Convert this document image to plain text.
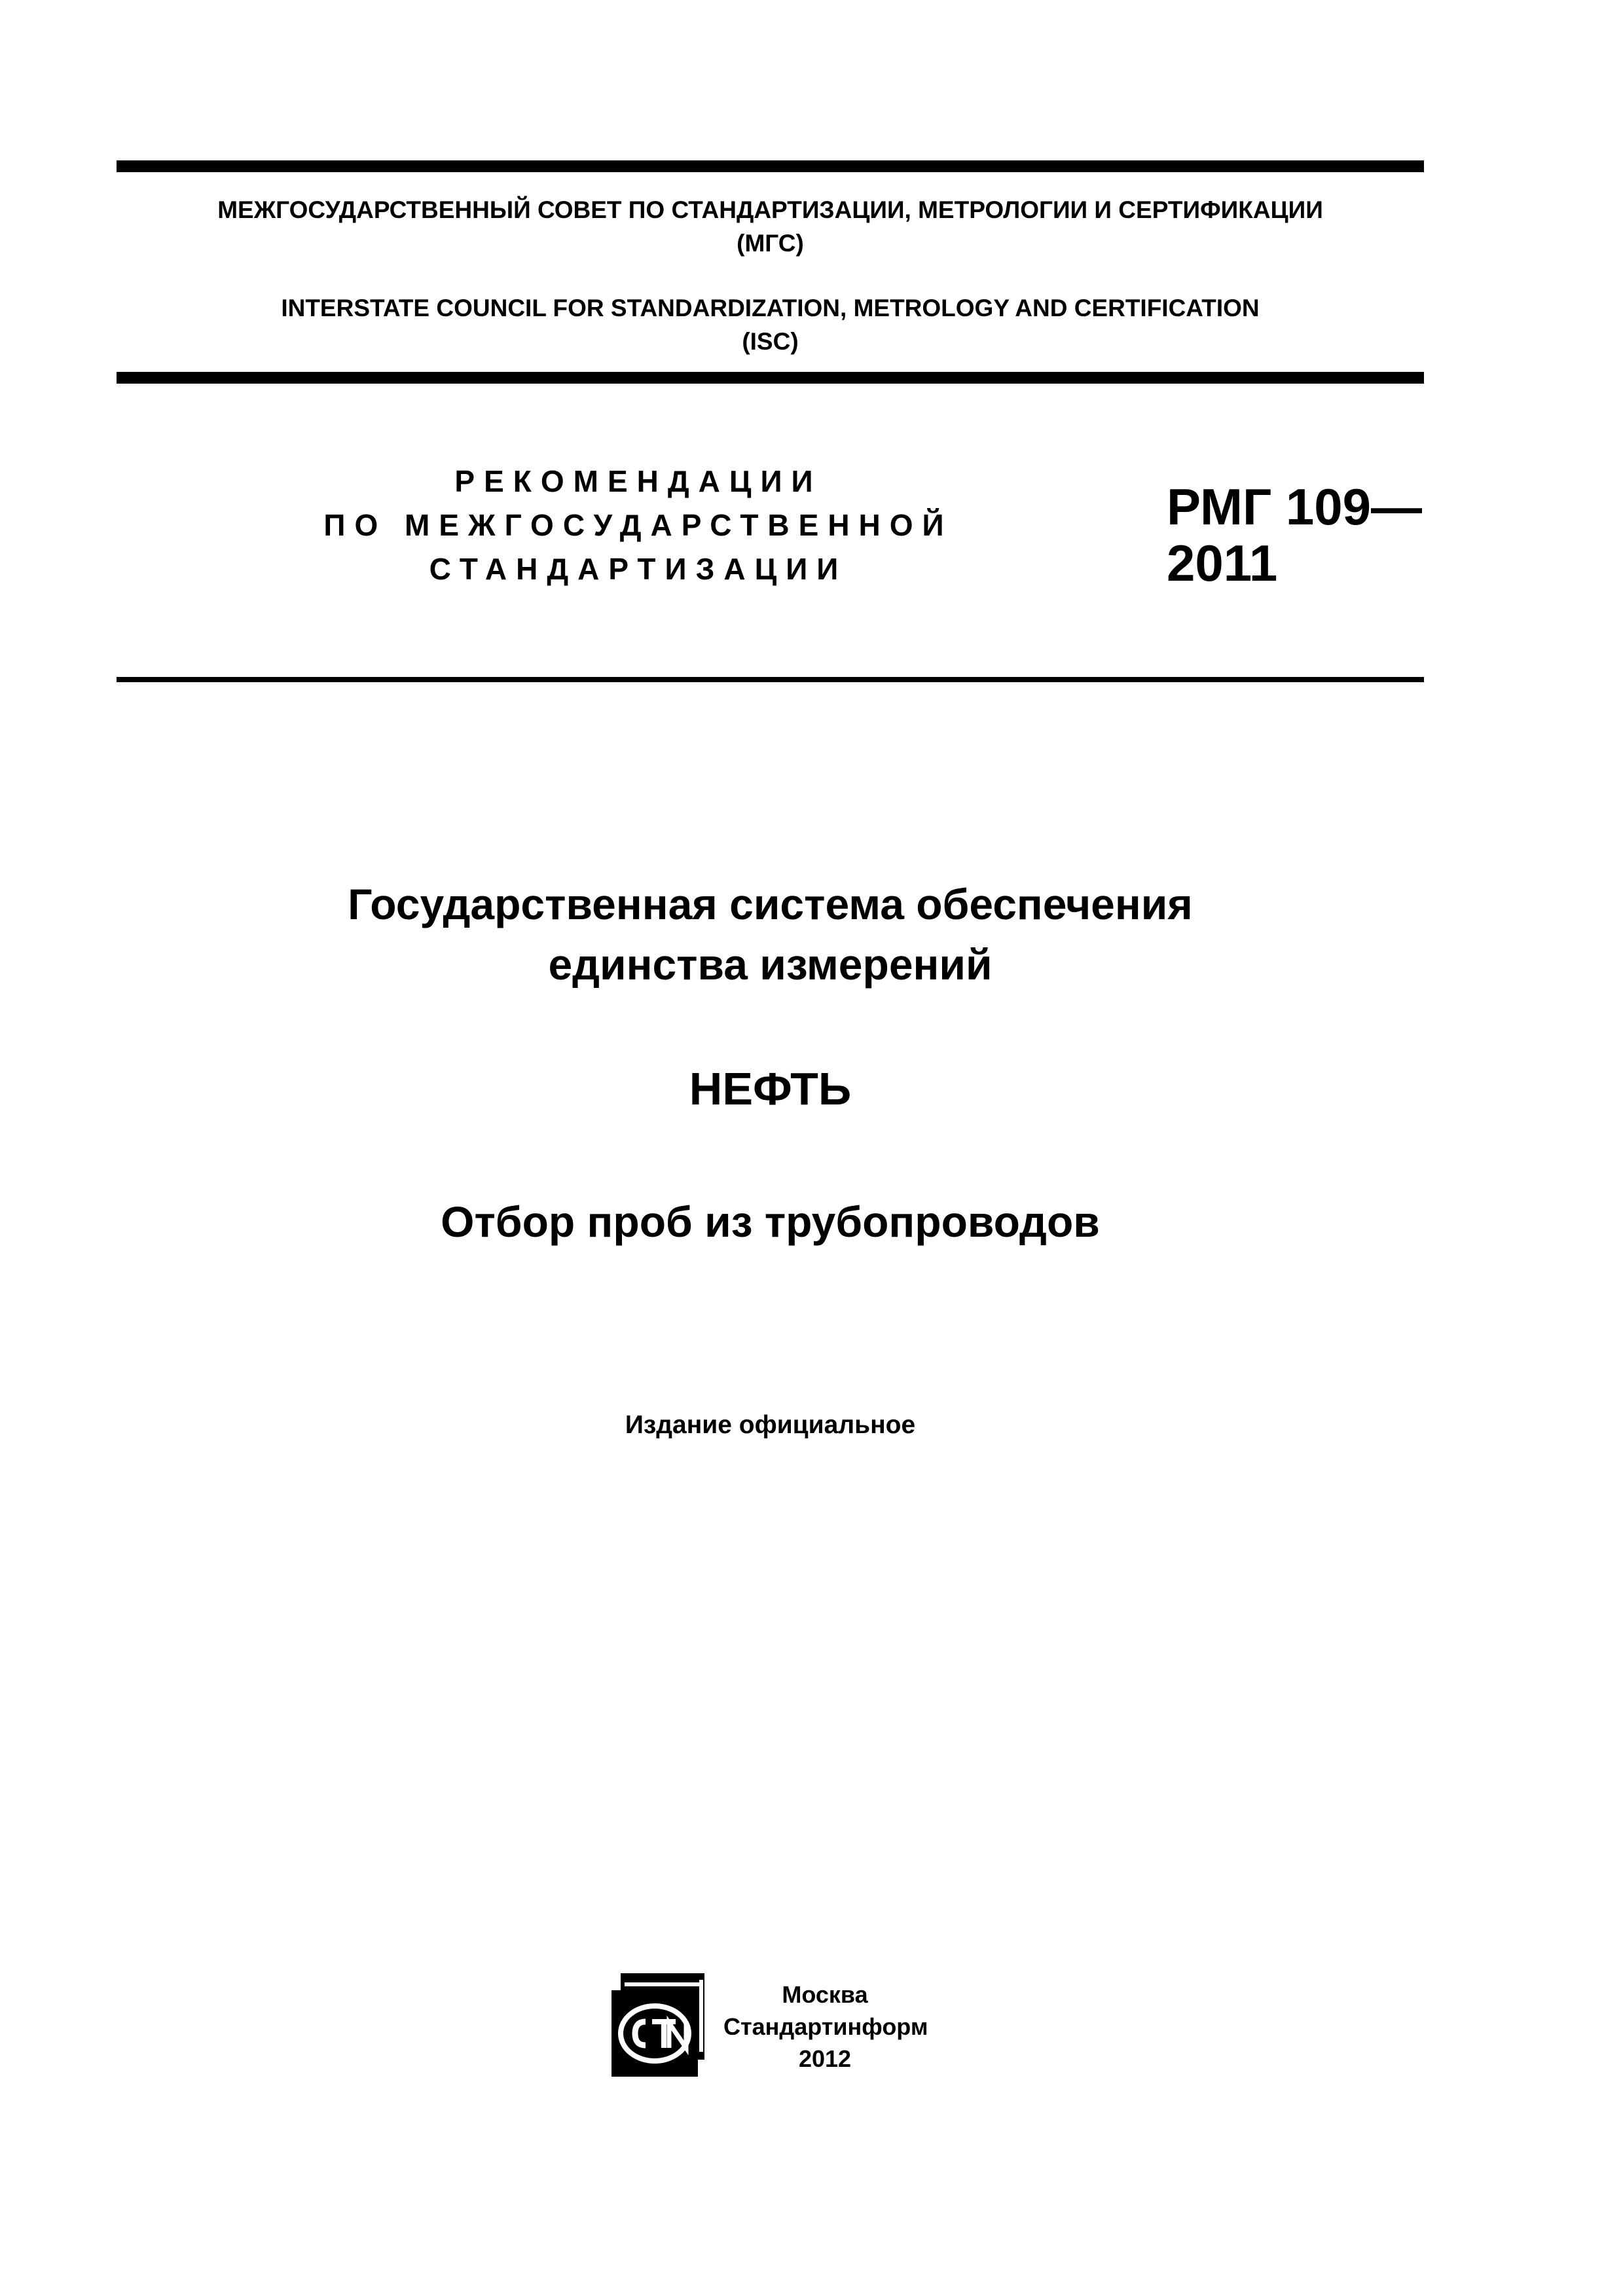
МЕЖГОСУДАРСТВЕННЫЙ СОВЕТ ПО СТАНДАРТИЗАЦИИ, МЕТРОЛОГИИ И СЕРТИФИКАЦИИ
(МГС)
INTERSTATE COUNCIL FOR STANDARDIZATION, METROLOGY AND CERTIFICATION
(ISC)
РЕКОМЕНДАЦИИ
ПО МЕЖГОСУДАРСТВЕННОЙ
СТАНДАРТИЗАЦИИ
РМГ 109—
2011
Государственная система обеспечения
единства измерений
НЕФТЬ
Отбор проб из трубопроводов
Издание официальное
Москва
Стандартинформ
2012
